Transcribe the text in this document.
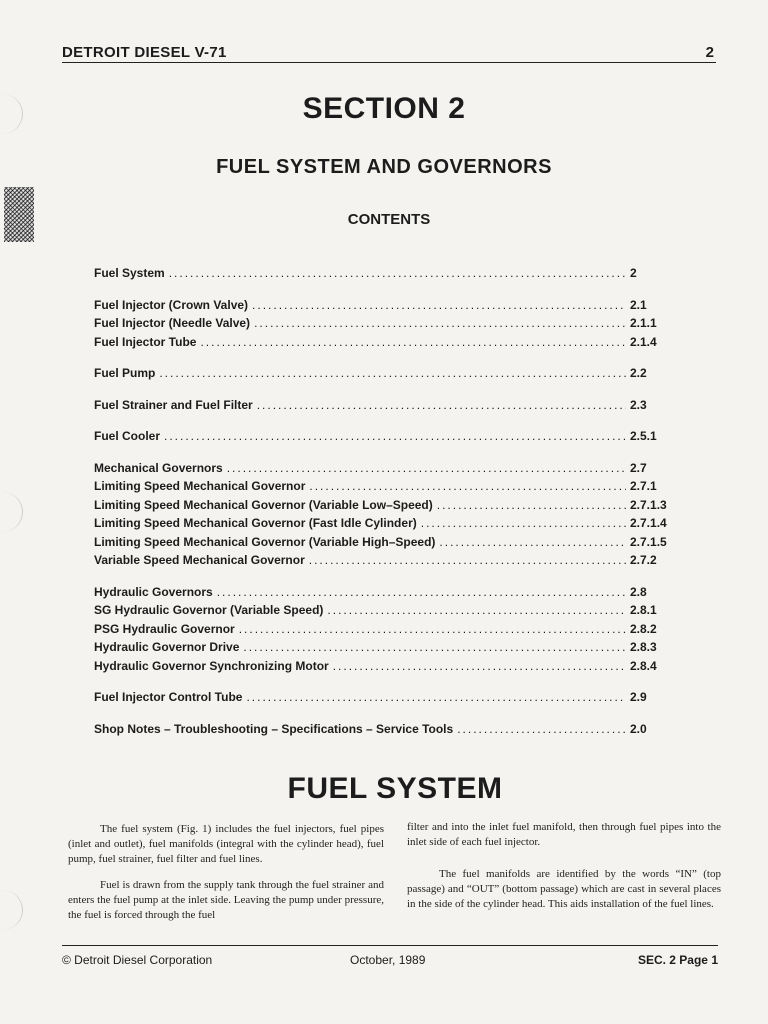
DETROIT DIESEL V-71	2
SECTION 2
FUEL SYSTEM AND GOVERNORS
CONTENTS
Fuel System .....	2
Fuel Injector (Crown Valve) .....	2.1
Fuel Injector (Needle Valve) .....	2.1.1
Fuel Injector Tube .....	2.1.4
Fuel Pump .....	2.2
Fuel Strainer and Fuel Filter .....	2.3
Fuel Cooler .....	2.5.1
Mechanical Governors .....	2.7
Limiting Speed Mechanical Governor .....	2.7.1
Limiting Speed Mechanical Governor (Variable Low–Speed) .....	2.7.1.3
Limiting Speed Mechanical Governor (Fast Idle Cylinder) .....	2.7.1.4
Limiting Speed Mechanical Governor (Variable High–Speed) .....	2.7.1.5
Variable Speed Mechanical Governor .....	2.7.2
Hydraulic Governors .....	2.8
SG Hydraulic Governor (Variable Speed) .....	2.8.1
PSG Hydraulic Governor .....	2.8.2
Hydraulic Governor Drive .....	2.8.3
Hydraulic Governor Synchronizing Motor .....	2.8.4
Fuel Injector Control Tube .....	2.9
Shop Notes – Troubleshooting – Specifications – Service Tools .....	2.0
FUEL SYSTEM

The fuel system (Fig. 1) includes the fuel injectors, fuel pipes (inlet and outlet), fuel manifolds (integral with the cylinder head), fuel pump, fuel strainer, fuel filter and fuel lines.

Fuel is drawn from the supply tank through the fuel strainer and enters the fuel pump at the inlet side. Leaving the pump under pressure, the fuel is forced through the fuel

filter and into the inlet fuel manifold, then through fuel pipes into the inlet side of each fuel injector.

The fuel manifolds are identified by the words “IN” (top passage) and “OUT” (bottom passage) which are cast in several places in the side of the cylinder head. This aids installation of the fuel lines.

© Detroit Diesel Corporation	October, 1989	SEC. 2 Page 1
